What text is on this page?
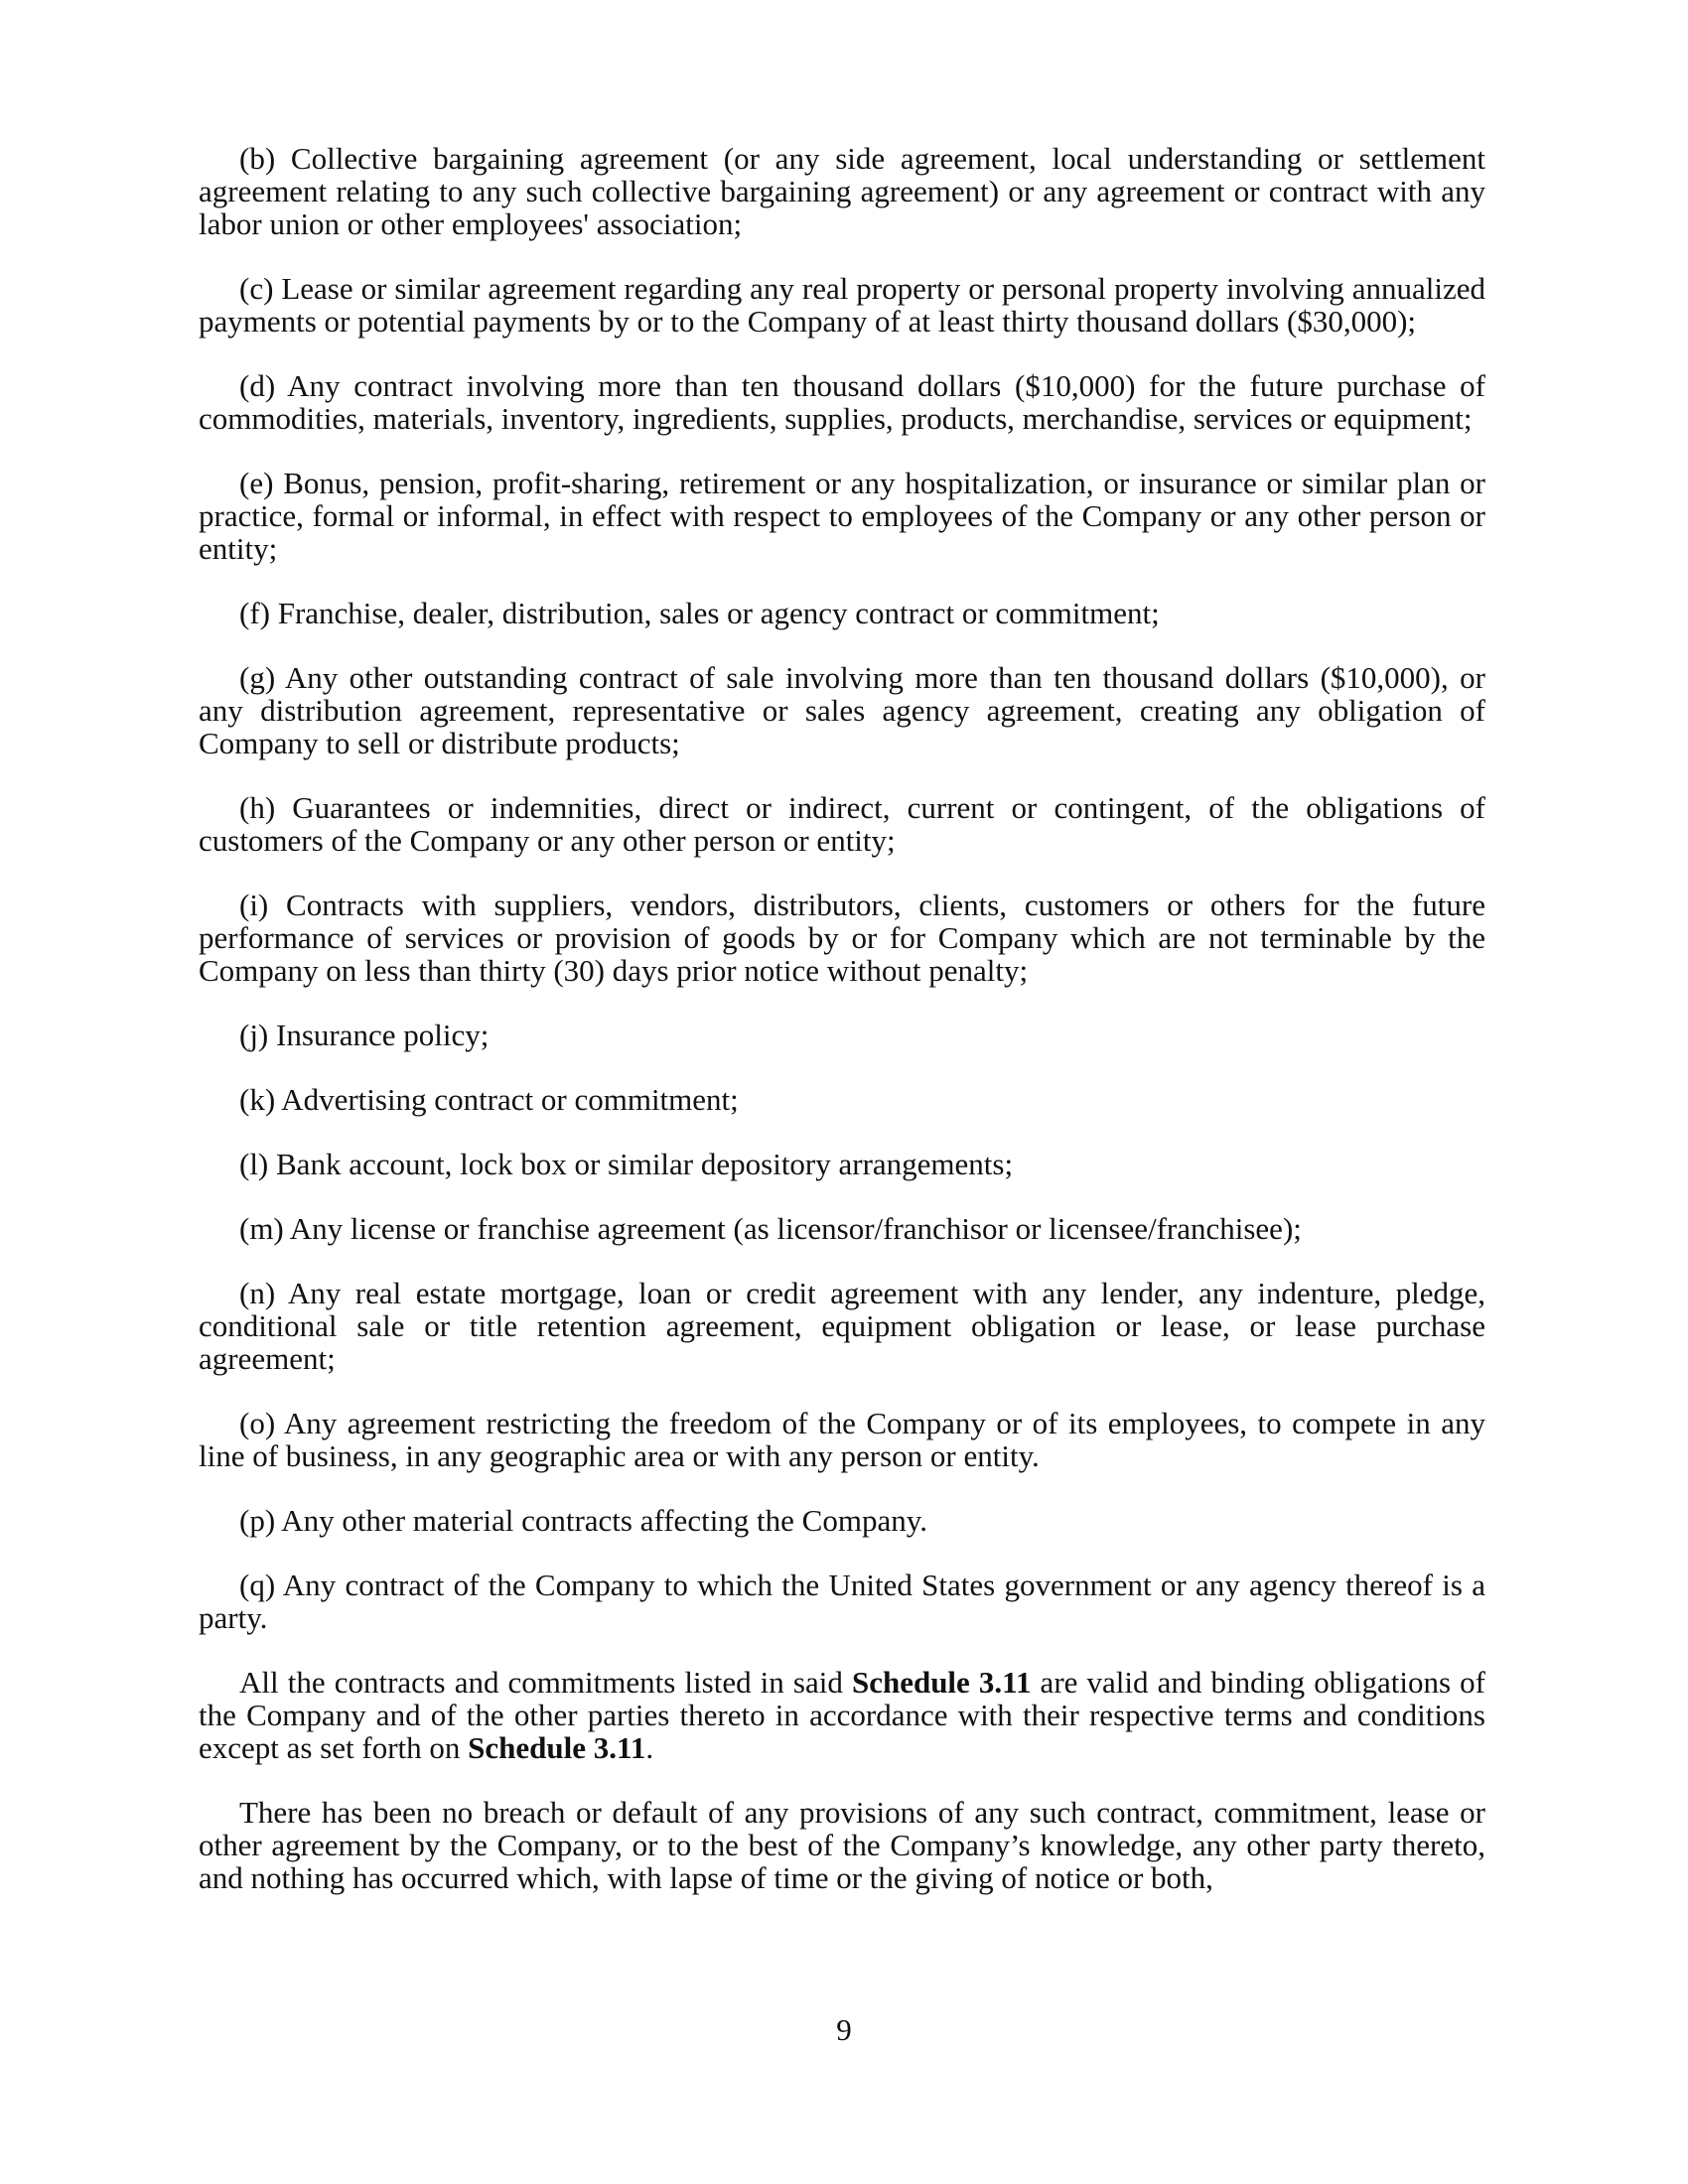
(b) Collective bargaining agreement (or any side agreement, local understanding or settlement agreement relating to any such collective bargaining agreement) or any agreement or contract with any labor union or other employees' association;

(c) Lease or similar agreement regarding any real property or personal property involving annualized payments or potential payments by or to the Company of at least thirty thousand dollars ($30,000);

(d) Any contract involving more than ten thousand dollars ($10,000) for the future purchase of commodities, materials, inventory, ingredients, supplies, products, merchandise, services or equipment;

(e) Bonus, pension, profit-sharing, retirement or any hospitalization, or insurance or similar plan or practice, formal or informal, in effect with respect to employees of the Company or any other person or entity;

(f) Franchise, dealer, distribution, sales or agency contract or commitment;

(g) Any other outstanding contract of sale involving more than ten thousand dollars ($10,000), or any distribution agreement, representative or sales agency agreement, creating any obligation of Company to sell or distribute products;

(h) Guarantees or indemnities, direct or indirect, current or contingent, of the obligations of customers of the Company or any other person or entity;

(i) Contracts with suppliers, vendors, distributors, clients, customers or others for the future performance of services or provision of goods by or for Company which are not terminable by the Company on less than thirty (30) days prior notice without penalty;

(j) Insurance policy;

(k) Advertising contract or commitment;

(l) Bank account, lock box or similar depository arrangements;

(m) Any license or franchise agreement (as licensor/franchisor or licensee/franchisee);

(n) Any real estate mortgage, loan or credit agreement with any lender, any indenture, pledge, conditional sale or title retention agreement, equipment obligation or lease, or lease purchase agreement;

(o) Any agreement restricting the freedom of the Company or of its employees, to compete in any line of business, in any geographic area or with any person or entity.

(p) Any other material contracts affecting the Company.

(q) Any contract of the Company to which the United States government or any agency thereof is a party.

All the contracts and commitments listed in said Schedule 3.11 are valid and binding obligations of the Company and of the other parties thereto in accordance with their respective terms and conditions except as set forth on Schedule 3.11.

There has been no breach or default of any provisions of any such contract, commitment, lease or other agreement by the Company, or to the best of the Company’s knowledge, any other party thereto, and nothing has occurred which, with lapse of time or the giving of notice or both,

9
